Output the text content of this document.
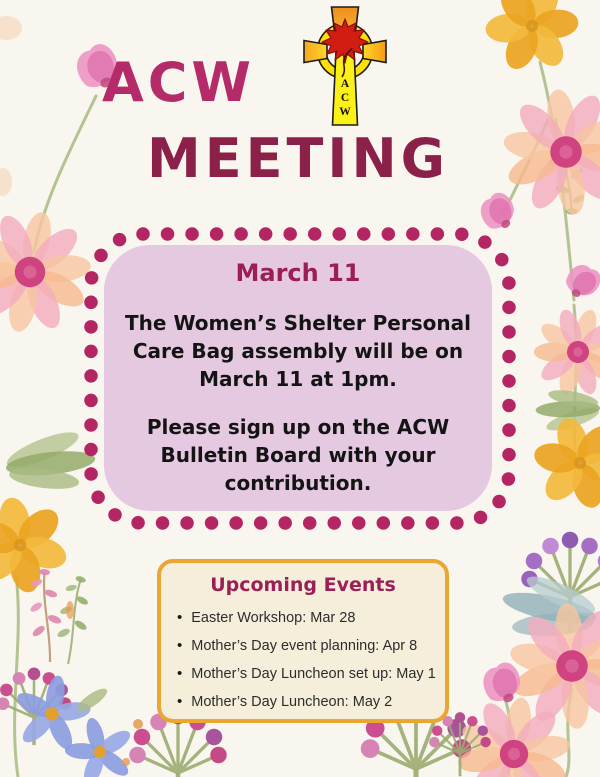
ACW
MEETING
A
C
W
March 11
The Women’s Shelter Personal
Care Bag assembly will be on
March 11 at 1pm.
Please sign up on the ACW
Bulletin Board with your
contribution.
Upcoming Events
• Easter Workshop: Mar 28
• Mother’s Day event planning: Apr 8
• Mother’s Day Luncheon set up: May 1
• Mother’s Day Luncheon: May 2
